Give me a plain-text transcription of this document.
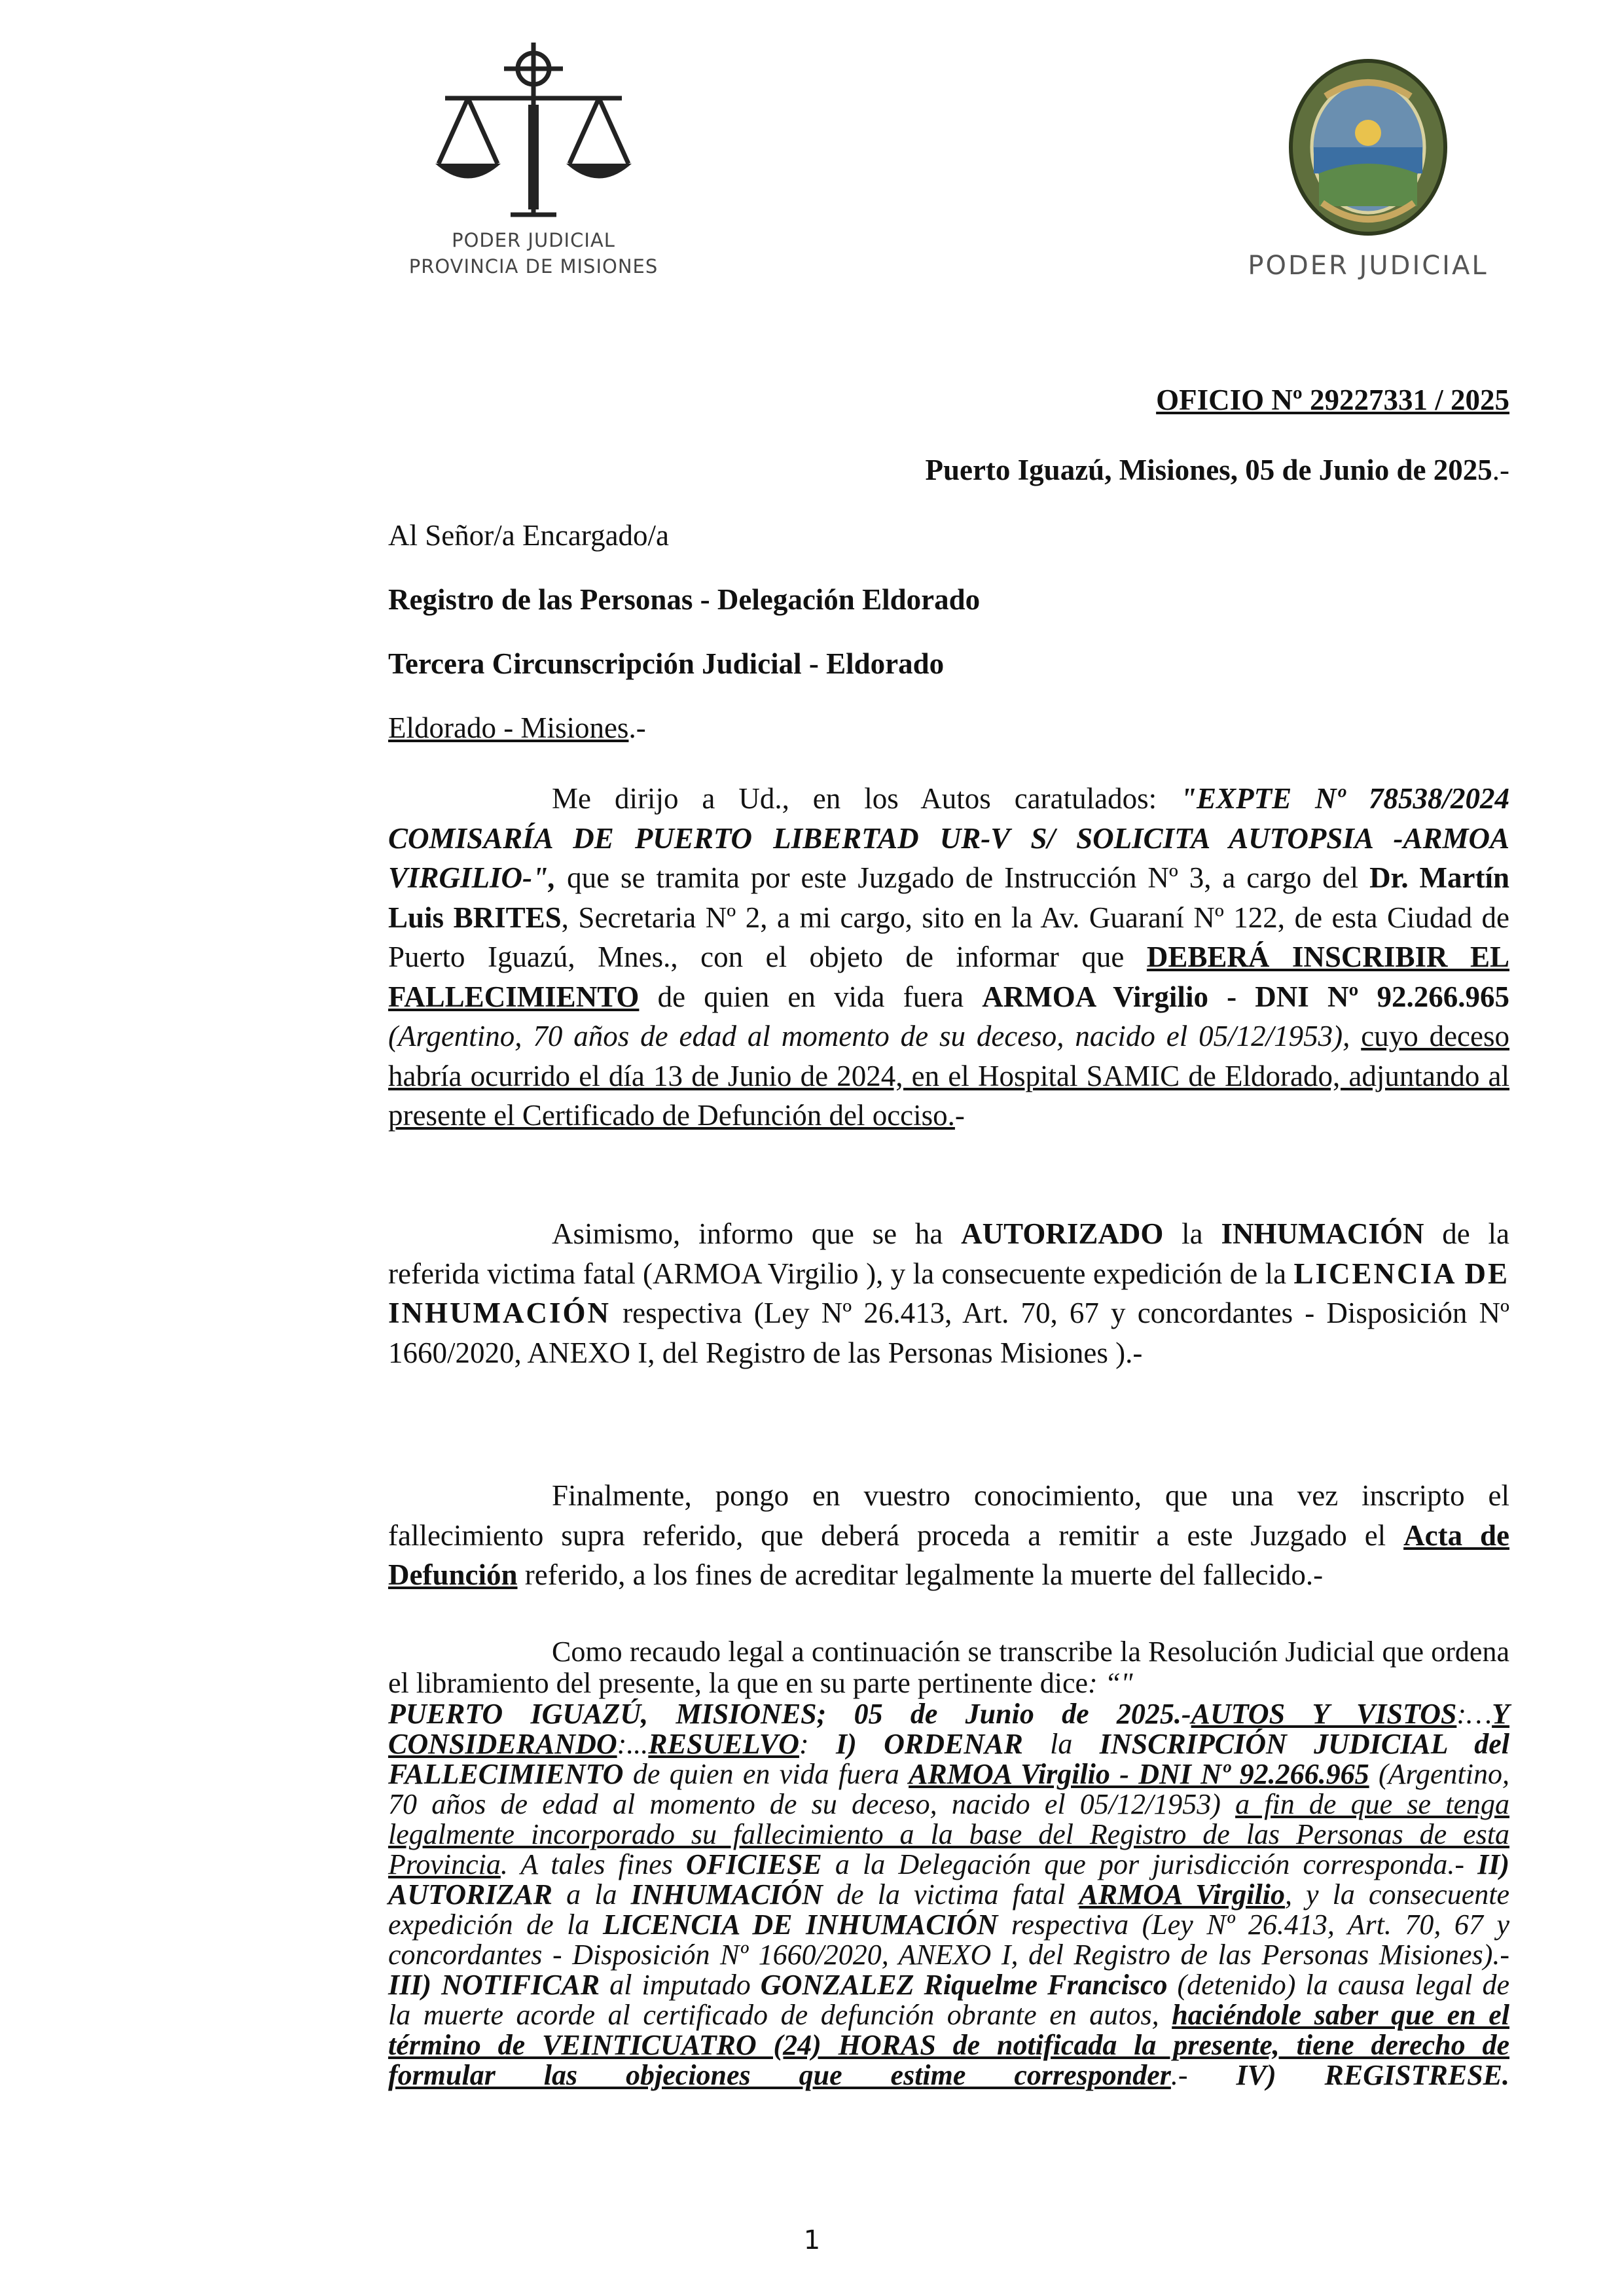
PODER JUDICIAL
PROVINCIA DE MISIONES	PODER JUDICIAL
OFICIO Nº 29227331 / 2025
Puerto Iguazú, Misiones, 05 de Junio de 2025.-
Al Señor/a Encargado/a
Registro de las Personas - Delegación Eldorado
Tercera Circunscripción Judicial - Eldorado
Eldorado - Misiones.-
Me dirijo a Ud., en los Autos caratulados: "EXPTE Nº 78538/2024 COMISARÍA DE PUERTO LIBERTAD UR-V S/ SOLICITA AUTOPSIA -ARMOA VIRGILIO-", que se tramita por este Juzgado de Instrucción Nº 3, a cargo del Dr. Martín Luis BRITES, Secretaria Nº 2, a mi cargo, sito en la Av. Guaraní Nº 122, de esta Ciudad de Puerto Iguazú, Mnes., con el objeto de informar que DEBERÁ INSCRIBIR EL FALLECIMIENTO de quien en vida fuera ARMOA Virgilio - DNI Nº 92.266.965 (Argentino, 70 años de edad al momento de su deceso, nacido el 05/12/1953), cuyo deceso habría ocurrido el día 13 de Junio de 2024, en el Hospital SAMIC de Eldorado, adjuntando al presente el Certificado de Defunción del occiso.-
Asimismo, informo que se ha AUTORIZADO la INHUMACIÓN de la referida victima fatal (ARMOA Virgilio ), y la consecuente expedición de la LICENCIA DE INHUMACIÓN respectiva (Ley Nº 26.413, Art. 70, 67 y concordantes - Disposición Nº 1660/2020, ANEXO I, del Registro de las Personas Misiones ).-
Finalmente, pongo en vuestro conocimiento, que una vez inscripto el fallecimiento supra referido, que deberá proceda a remitir a este Juzgado el Acta de Defunción referido, a los fines de acreditar legalmente la muerte del fallecido.-
Como recaudo legal a continuación se transcribe la Resolución Judicial que ordena el libramiento del presente, la que en su parte pertinente dice: “"
PUERTO IGUAZÚ, MISIONES; 05 de Junio de 2025.-AUTOS Y VISTOS:…Y CONSIDERANDO:...RESUELVO: I) ORDENAR la INSCRIPCIÓN JUDICIAL del FALLECIMIENTO de quien en vida fuera ARMOA Virgilio - DNI Nº 92.266.965 (Argentino, 70 años de edad al momento de su deceso, nacido el 05/12/1953) a fin de que se tenga legalmente incorporado su fallecimiento a la base del Registro de las Personas de esta Provincia. A tales fines OFICIESE a la Delegación que por jurisdicción corresponda.- II) AUTORIZAR a la INHUMACIÓN de la victima fatal ARMOA Virgilio, y la consecuente expedición de la LICENCIA DE INHUMACIÓN respectiva (Ley Nº 26.413, Art. 70, 67 y concordantes - Disposición Nº 1660/2020, ANEXO I, del Registro de las Personas Misiones).- III) NOTIFICAR al imputado GONZALEZ Riquelme Francisco (detenido) la causa legal de la muerte acorde al certificado de defunción obrante en autos, haciéndole saber que en el término de VEINTICUATRO (24) HORAS de notificada la presente, tiene derecho de formular las objeciones que estime corresponder.- IV) REGISTRESE.
1
